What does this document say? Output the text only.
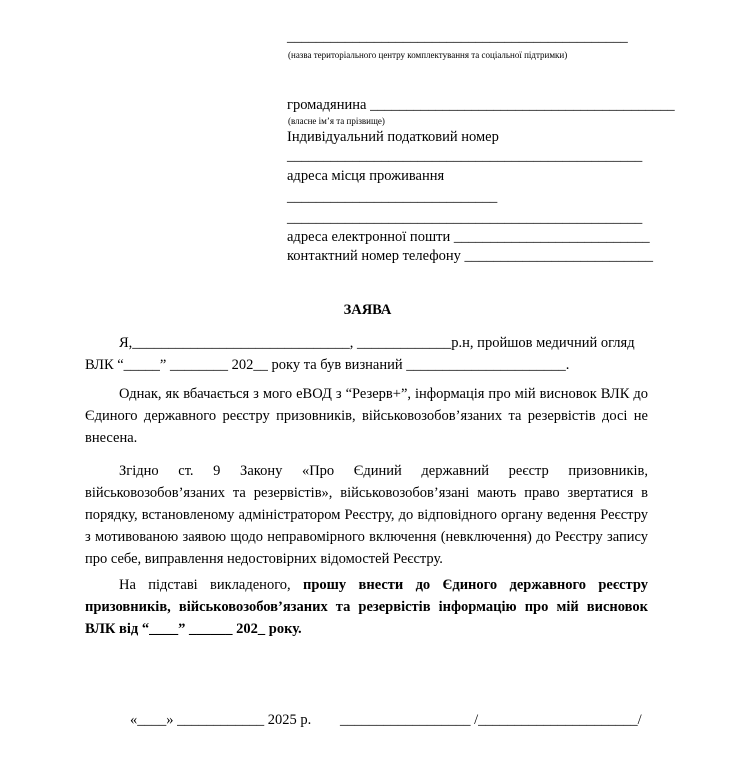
_______________________________________________
(назва територіального центру комплектування та соціальної підтримки)
громадянина __________________________________________
(власне ім’я та прізвище)
Індивідуальний податковий номер
_________________________________________________
адреса місця проживання
_____________________________
_________________________________________________
адреса електронної пошти ___________________________
контактний номер телефону __________________________
ЗАЯВА
Я,______________________________, _____________р.н, пройшов медичний огляд
ВЛК “_____” ________ 202__ року та був визнаний ______________________.

Однак, як вбачається з мого еВОД з “Резерв+”, інформація про мій висновок ВЛК до Єдиного державного реєстру призовників, військовозобов’язаних та резервістів досі не внесена.

Згідно ст. 9 Закону «Про Єдиний державний реєстр призовників, військовозобов’язаних та резервістів», військовозобов’язані мають право звертатися в порядку, встановленому адміністратором Реєстру, до відповідного органу ведення Реєстру з мотивованою заявою щодо неправомірного включення (невключення) до Реєстру запису про себе, виправлення недостовірних відомостей Реєстру.

На підставі викладеного, прошу внести до Єдиного державного реєстру призовників, військовозобов’язаних та резервістів інформацію про мій висновок ВЛК від “____” ______ 202_ року.

«____» ____________ 2025 р. __________________ /______________________/
